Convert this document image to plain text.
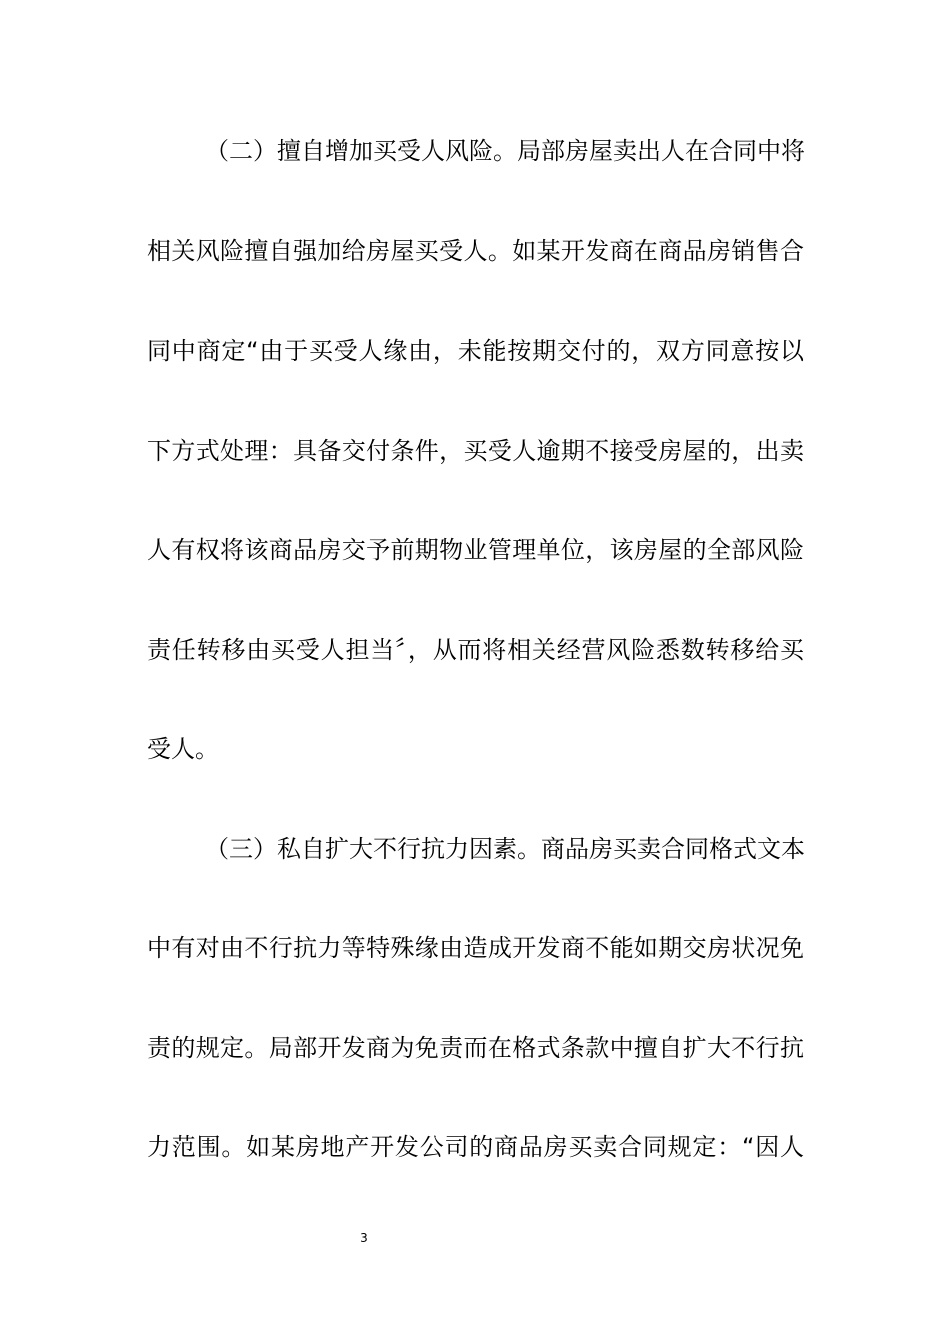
（二）擅自增加买受人风险。局部房屋卖出人在合同中将
相关风险擅自强加给房屋买受人。如某开发商在商品房销售合
同中商定“由于买受人缘由，未能按期交付的，双方同意按以
下方式处理：具备交付条件，买受人逾期不接受房屋的，出卖
人有权将该商品房交予前期物业管理单位，该房屋的全部风险
责任转移由买受人担当〞，从而将相关经营风险悉数转移给买
受人。
（三）私自扩大不行抗力因素。商品房买卖合同格式文本
中有对由不行抗力等特殊缘由造成开发商不能如期交房状况免
责的规定。局部开发商为免责而在格式条款中擅自扩大不行抗
力范围。如某房地产开发公司的商品房买卖合同规定：“因人
3
